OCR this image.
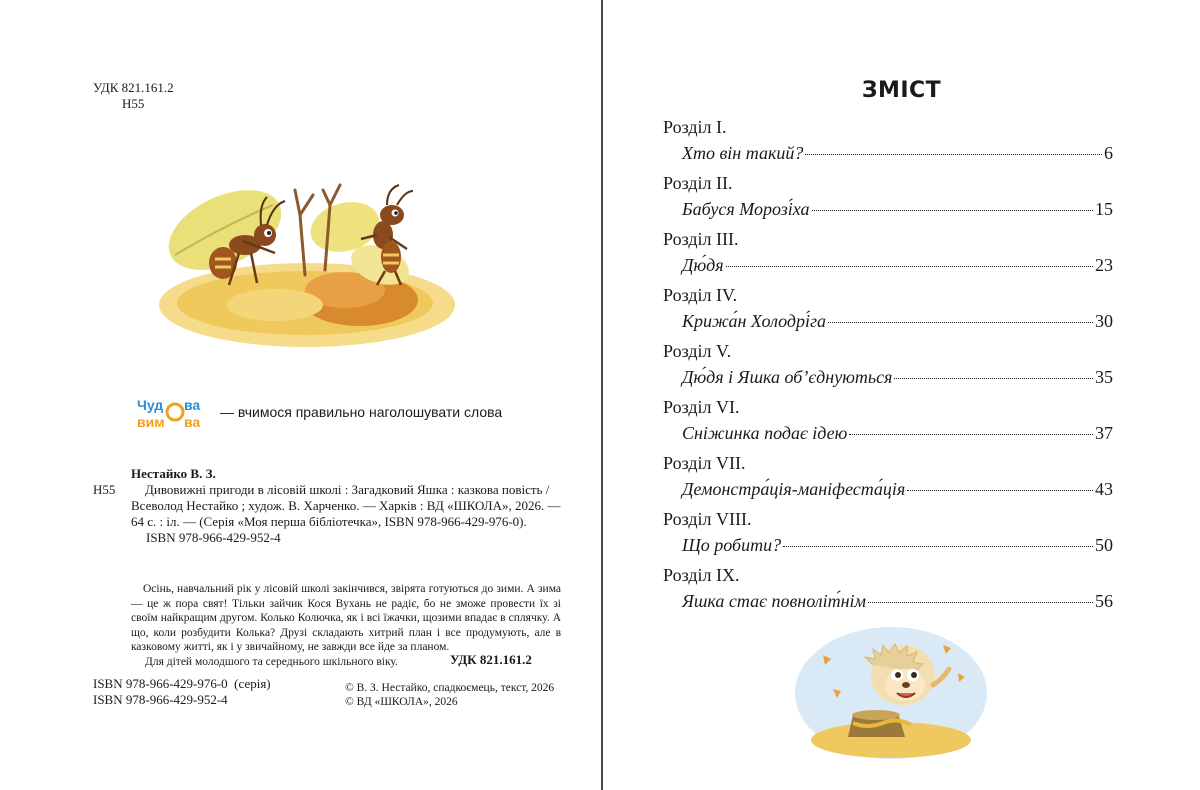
УДК 821.161.2
Н55
Чуд ва
вим ва
— вчимося правильно наголошувати слова
Нестайко В. З.
Н55	Дивовижні пригоди в лісовій школі : Загадковий Яшка : казкова повість / Всеволод Нестайко ; худож. В. Харченко. — Харків : ВД «ШКОЛА», 2026. — 64 с. : іл. — (Серія «Моя перша бібліотечка», ISBN 978-966-429-976-0).
ISBN 978-966-429-952-4

Осінь, навчальний рік у лісовій школі закінчився, звірята готуються до зими. А зима — це ж пора свят! Тільки зайчик Кося Вухань не радіє, бо не зможе провести їх зі своїм найкращим другом. Колько Колючка, як і всі їжачки, щозими впадає в сплячку. А що, коли розбудити Колька? Друзі складають хитрий план і все продумують, але в казковому житті, як і у звичайному, не завжди все йде за планом.

Для дітей молодшого та середнього шкільного віку.	УДК 821.161.2
ISBN 978-966-429-976-0  (серія)
ISBN 978-966-429-952-4
© В. З. Нестайко, спадкоємець, текст, 2026
© ВД «ШКОЛА», 2026
ЗМІСТ
Розділ I.
Хто він такий?	6
Розділ II.
Бабуся Морозі́ха	15
Розділ III.
Дю́дя	23
Розділ IV.
Крижа́н Холодрі́га	30
Розділ V.
Дю́дя і Яшка об’єднуються	35
Розділ VI.
Сніжинка подає ідею	37
Розділ VII.
Демонстра́ція-маніфеста́ція	43
Розділ VIII.
Що робити?	50
Розділ IX.
Яшка стає повноліт́нім	56
